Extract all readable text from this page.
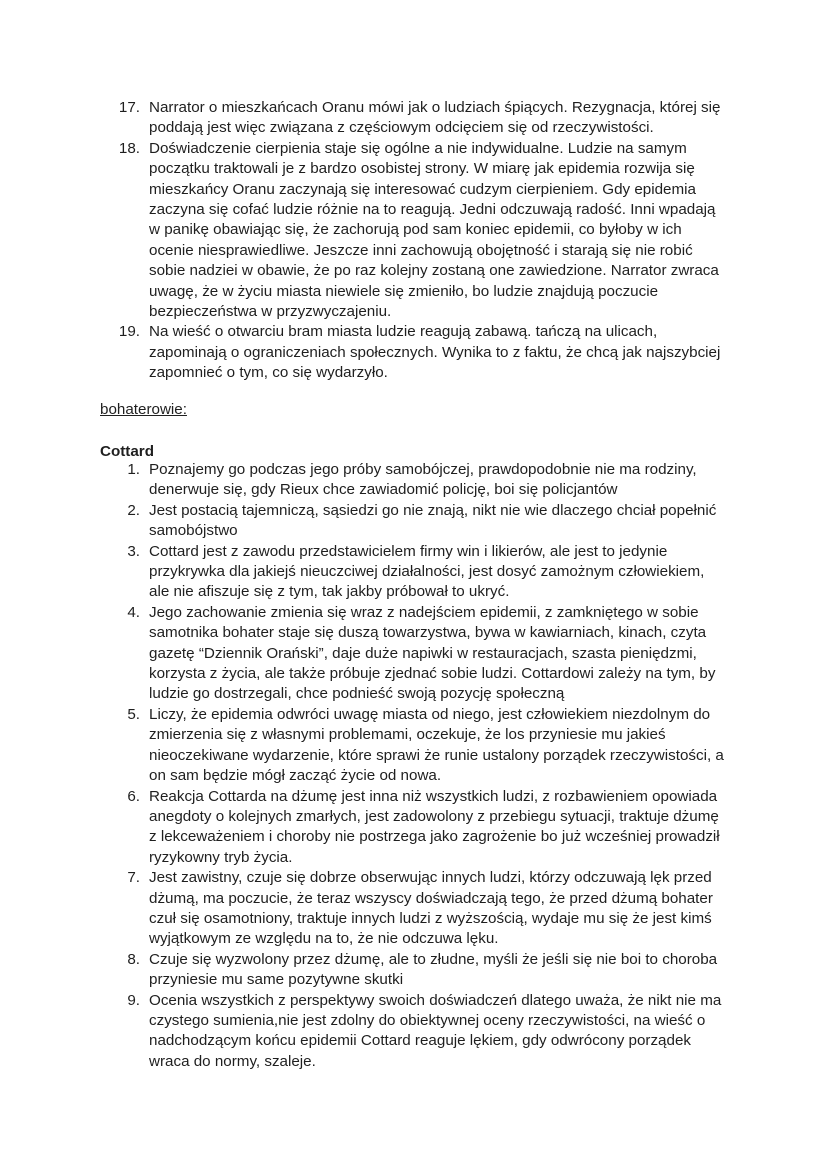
17. Narrator o mieszkańcach Oranu mówi jak o ludziach śpiących. Rezygnacja, której się poddają jest więc związana z częściowym odcięciem się od rzeczywistości.
18. Doświadczenie cierpienia staje się ogólne a nie indywidualne. Ludzie na samym początku traktowali je z bardzo osobistej strony. W miarę jak epidemia rozwija się mieszkańcy Oranu zaczynają się interesować cudzym cierpieniem. Gdy epidemia zaczyna się cofać ludzie różnie na to reagują. Jedni odczuwają radość. Inni wpadają w panikę obawiając się, że zachorują pod sam koniec epidemii, co byłoby w ich ocenie niesprawiedliwe. Jeszcze inni zachowują obojętność i starają się nie robić sobie nadziei w obawie, że po raz kolejny zostaną one zawiedzione. Narrator zwraca uwagę, że w życiu miasta niewiele się zmieniło, bo ludzie znajdują poczucie bezpieczeństwa w przyzwyczajeniu.
19. Na wieść o otwarciu bram miasta ludzie reagują zabawą. tańczą na ulicach, zapominają o ograniczeniach społecznych. Wynika to z faktu, że chcą jak najszybciej zapomnieć o tym, co się wydarzyło.
bohaterowie:
Cottard
1. Poznajemy go podczas jego próby samobójczej, prawdopodobnie nie ma rodziny, denerwuje się, gdy Rieux chce zawiadomić policję, boi się policjantów
2. Jest postacią tajemniczą, sąsiedzi go nie znają, nikt nie wie dlaczego chciał popełnić samobójstwo
3. Cottard jest z zawodu przedstawicielem firmy win i likierów, ale jest to jedynie przykrywka dla jakiejś nieuczciwej działalności, jest dosyć zamożnym człowiekiem, ale nie afiszuje się z tym, tak jakby próbował to ukryć.
4. Jego zachowanie zmienia się wraz z nadejściem epidemii, z zamkniętego w sobie samotnika bohater staje się duszą towarzystwa, bywa w kawiarniach, kinach, czyta gazetę “Dziennik Orański”, daje duże napiwki w restauracjach, szasta pieniędzmi, korzysta z życia, ale także próbuje zjednać sobie ludzi. Cottardowi zależy na tym, by ludzie go dostrzegali, chce podnieść swoją pozycję społeczną
5. Liczy, że epidemia odwróci uwagę miasta od niego, jest człowiekiem niezdolnym do zmierzenia się z własnymi problemami, oczekuje, że los przyniesie mu jakieś nieoczekiwane wydarzenie, które sprawi że runie ustalony porządek rzeczywistości, a on sam będzie mógł zacząć życie od nowa.
6. Reakcja Cottarda na dżumę jest inna niż wszystkich ludzi, z rozbawieniem opowiada anegdoty o kolejnych zmarłych, jest zadowolony z przebiegu sytuacji, traktuje dżumę z lekceważeniem i choroby nie postrzega jako zagrożenie bo już wcześniej prowadził ryzykowny tryb życia.
7. Jest zawistny, czuje się dobrze obserwując innych ludzi, którzy odczuwają lęk przed dżumą, ma poczucie, że teraz wszyscy doświadczają tego, że przed dżumą bohater czuł się osamotniony, traktuje innych ludzi z wyższością, wydaje mu się że jest kimś wyjątkowym ze względu na to, że nie odczuwa lęku.
8. Czuje się wyzwolony przez dżumę, ale to złudne, myśli że jeśli się nie boi to choroba przyniesie mu same pozytywne skutki
9. Ocenia wszystkich z perspektywy swoich doświadczeń dlatego uważa, że nikt nie ma czystego sumienia,nie jest zdolny do obiektywnej oceny rzeczywistości, na wieść o nadchodzącym końcu epidemii Cottard reaguje lękiem, gdy odwrócony porządek wraca do normy, szaleje.
